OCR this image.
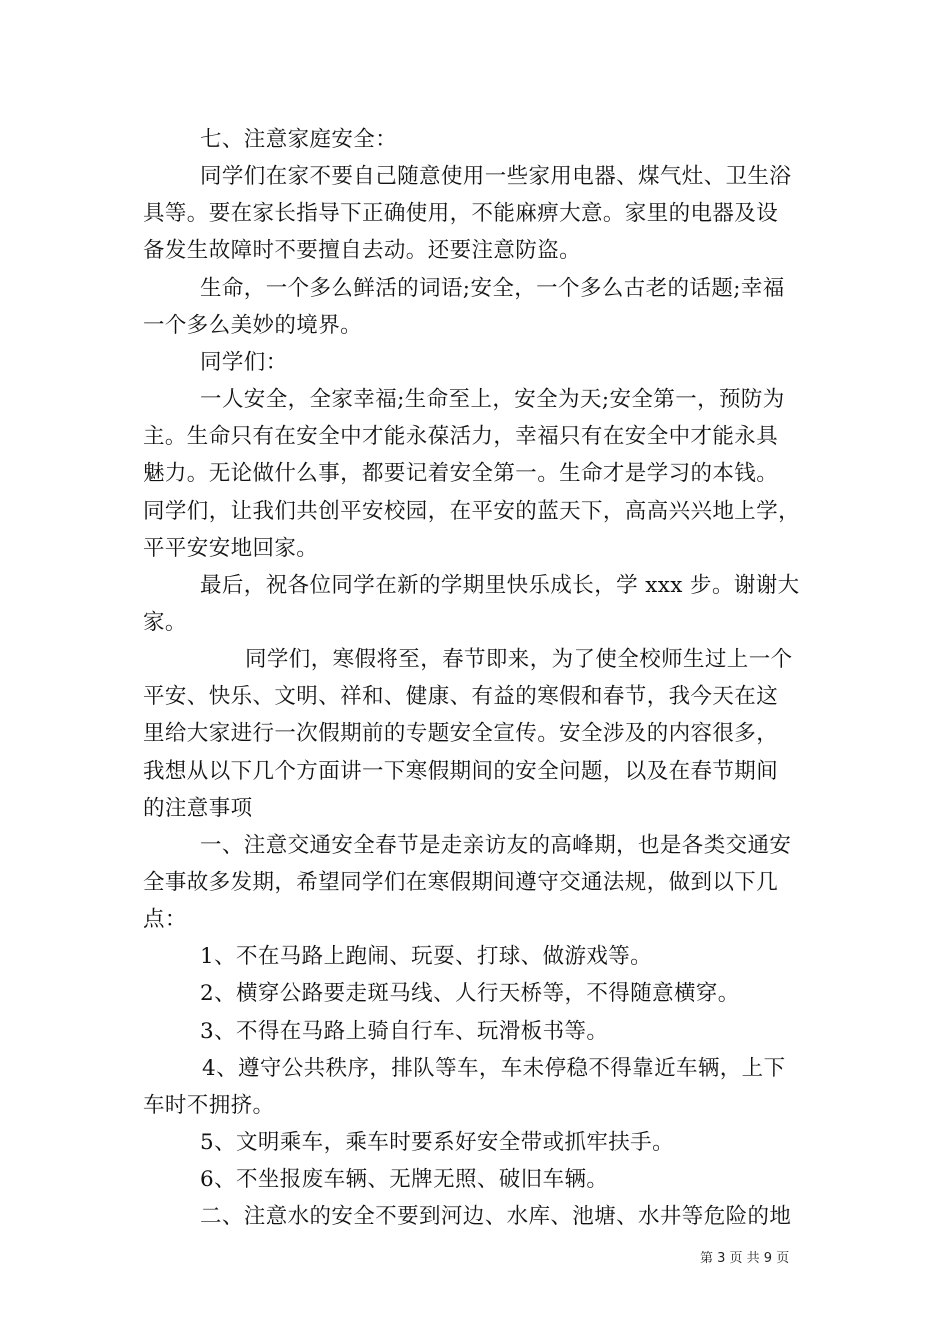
第 3 页 共 9 页
七、注意家庭安全：
同学们在家不要自己随意使用一些家用电器、煤气灶、卫生浴
具等。要在家长指导下正确使用，不能麻痹大意。家里的电器及设
备发生故障时不要擅自去动。还要注意防盗。
生命，一个多么鲜活的词语;安全，一个多么古老的话题;幸福
一个多么美妙的境界。
同学们：
一人安全，全家幸福;生命至上，安全为天;安全第一，预防为
主。生命只有在安全中才能永葆活力，幸福只有在安全中才能永具
魅力。无论做什么事，都要记着安全第一。生命才是学习的本钱。
同学们，让我们共创平安校园，在平安的蓝天下，高高兴兴地上学，
平平安安地回家。
最后，祝各位同学在新的学期里快乐成长，学 xxx 步。谢谢大
家。
同学们，寒假将至，春节即来，为了使全校师生过上一个
平安、快乐、文明、祥和、健康、有益的寒假和春节，我今天在这
里给大家进行一次假期前的专题安全宣传。安全涉及的内容很多，
我想从以下几个方面讲一下寒假期间的安全问题，以及在春节期间
的注意事项
一、注意交通安全春节是走亲访友的高峰期，也是各类交通安
全事故多发期，希望同学们在寒假期间遵守交通法规，做到以下几
点：
1、不在马路上跑闹、玩耍、打球、做游戏等。
2、横穿公路要走斑马线、人行天桥等，不得随意横穿。
3、不得在马路上骑自行车、玩滑板书等。
4、遵守公共秩序，排队等车，车未停稳不得靠近车辆，上下
车时不拥挤。
5、文明乘车，乘车时要系好安全带或抓牢扶手。
6、不坐报废车辆、无牌无照、破旧车辆。
二、注意水的安全不要到河边、水库、池塘、水井等危险的地
